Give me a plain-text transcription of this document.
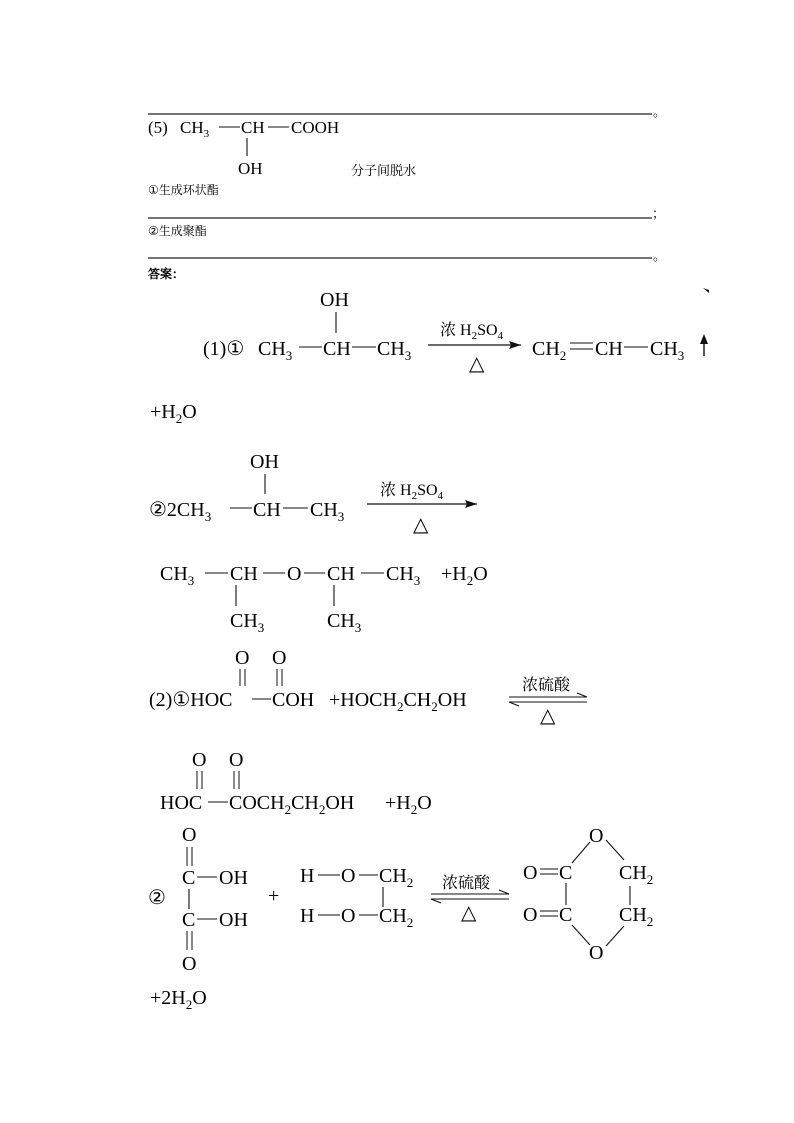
。
(5) $CH_3$ CH COOH
OH	分子间脱水
①生成环状酯
；
②生成聚酯
。
答案：
(1)① $CH_3$ CH $CH_3$
OH
浓 $H_2SO_4$
△
$CH_2$ CH $CH_3$
$+H_2O$
$②2CH_3$ CH $CH_3$
OH
浓 $H_2SO_4$
△
$CH_3$ CH O CH $CH_3 +H_2O$
$CH_3$	$CH_3$
O O
(2)①HOC COH $+HOCH_2CH_2OH$
浓硫酸
△
O O
HOC $COCH_2CH_2OH +H_2O$
②
O
C OH
C OH
O
+
H O $CH_2$
H O $CH_2$
浓硫酸
△
O
O C $CH_2$
O C $CH_2$
O
$+2H_2O$
